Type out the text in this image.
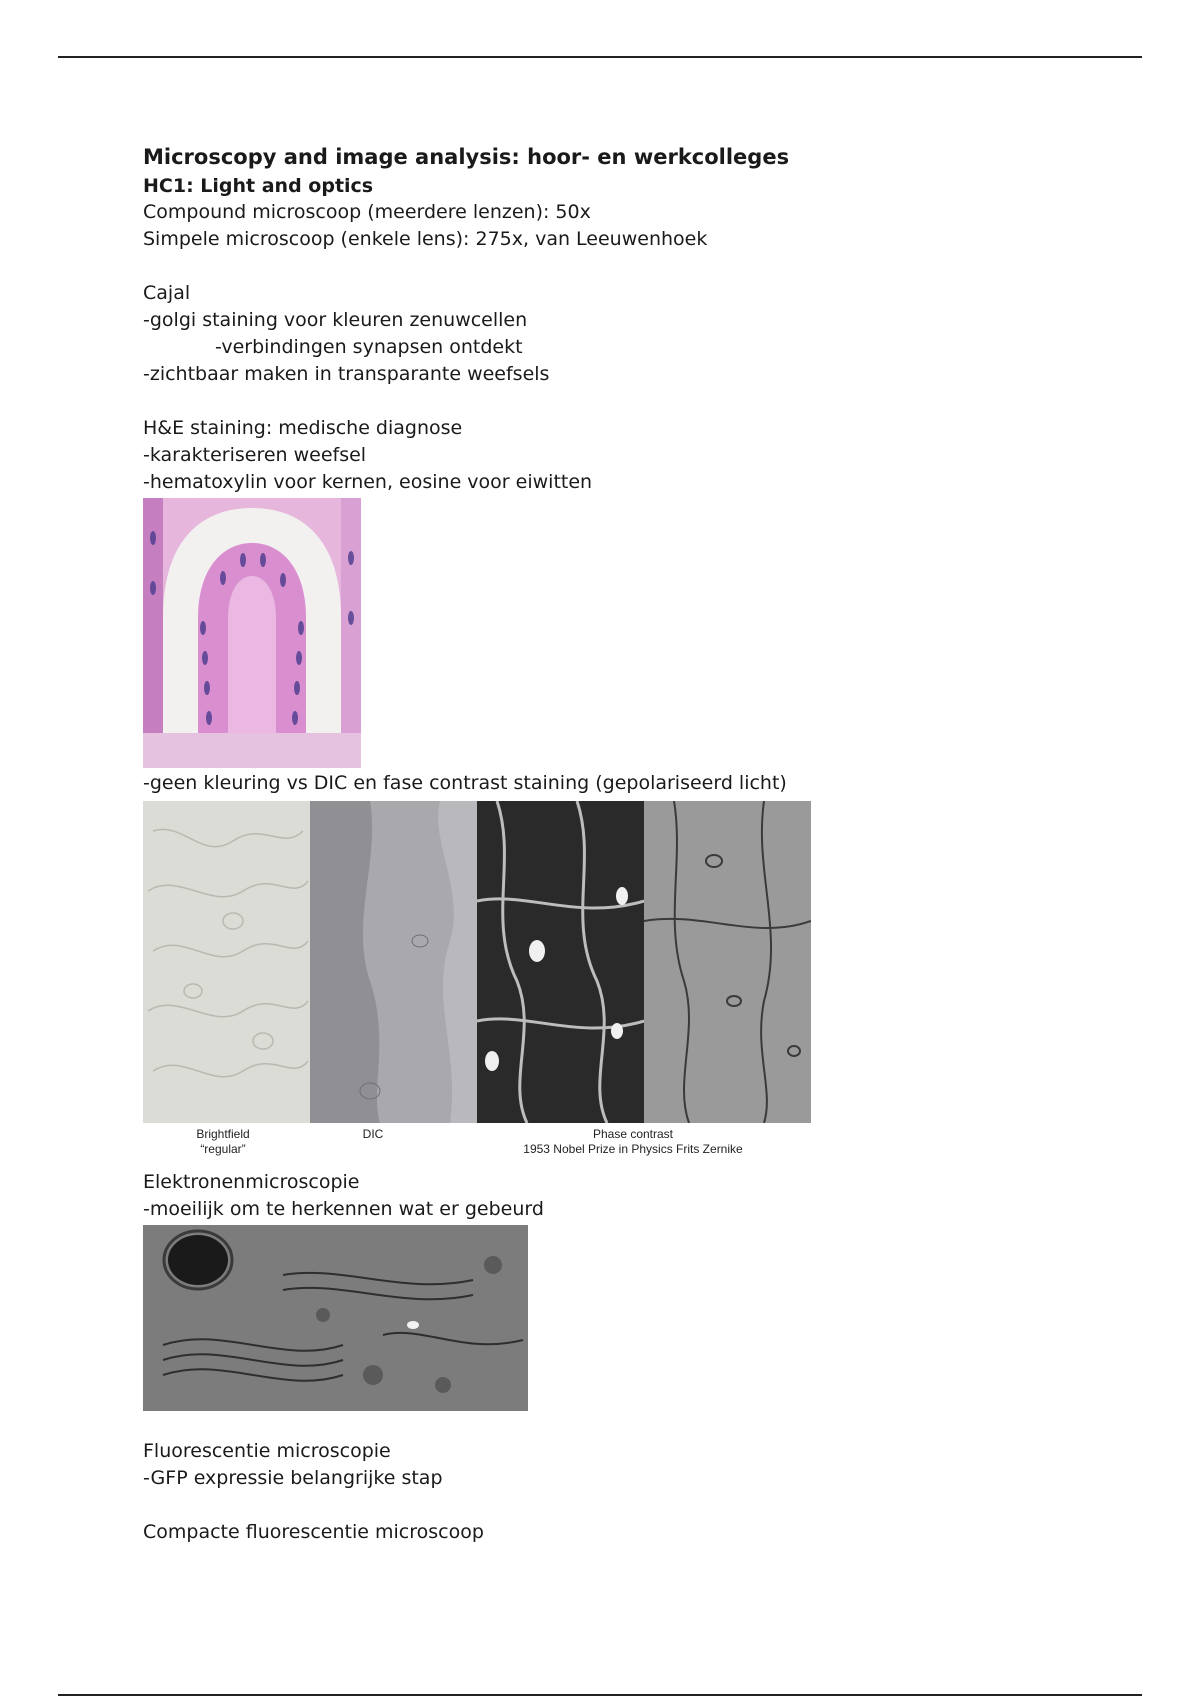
Microscopy and image analysis: hoor- en werkcolleges

HC1: Light and optics

Compound microscoop (meerdere lenzen): 50x

Simpele microscoop (enkele lens): 275x, van Leeuwenhoek

Cajal

-golgi staining voor kleuren zenuwcellen

-verbindingen synapsen ontdekt

-zichtbaar maken in transparante weefsels

H&E staining: medische diagnose

-karakteriseren weefsel

-hematoxylin voor kernen, eosine voor eiwitten

-geen kleuring vs DIC en fase contrast staining (gepolariseerd licht)

Brightfield
“regular”
DIC	Phase contrast
1953 Nobel Prize in Physics Frits Zernike

Elektronenmicroscopie

-moeilijk om te herkennen wat er gebeurd

Fluorescentie microscopie

-GFP expressie belangrijke stap

Compacte fluorescentie microscoop
